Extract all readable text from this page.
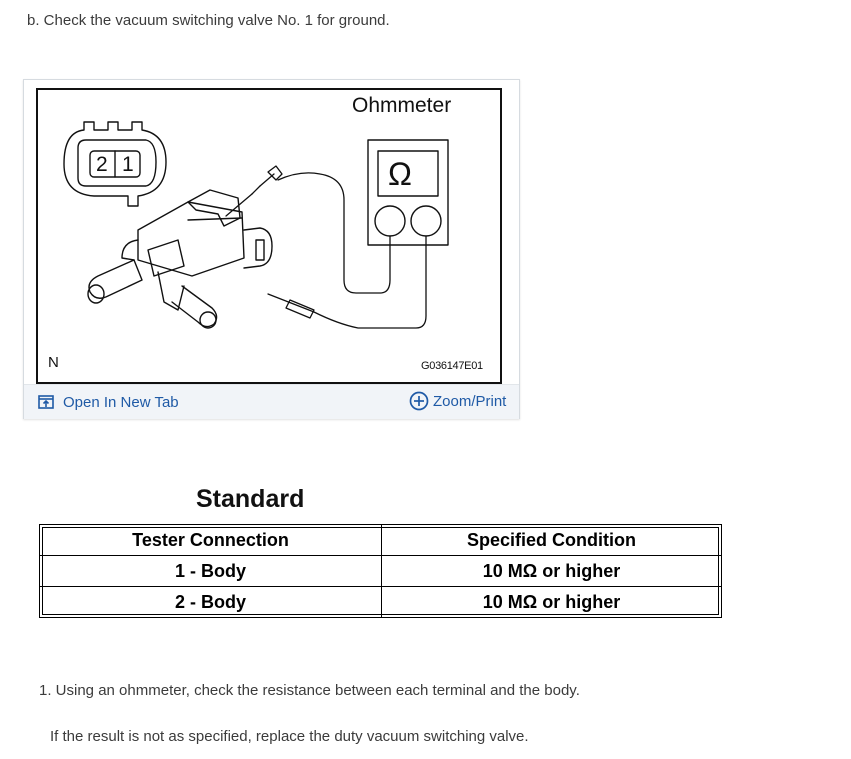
b. Check the vacuum switching valve No. 1 for ground.
Ohmmeter
Ω
2 1
N	G036147E01
Open In New Tab	Zoom/Print
Standard
Tester Connection	Specified Condition
1 - Body	10 MΩ or higher
2 - Body	10 MΩ or higher
1. Using an ohmmeter, check the resistance between each terminal and the body.
If the result is not as specified, replace the duty vacuum switching valve.
